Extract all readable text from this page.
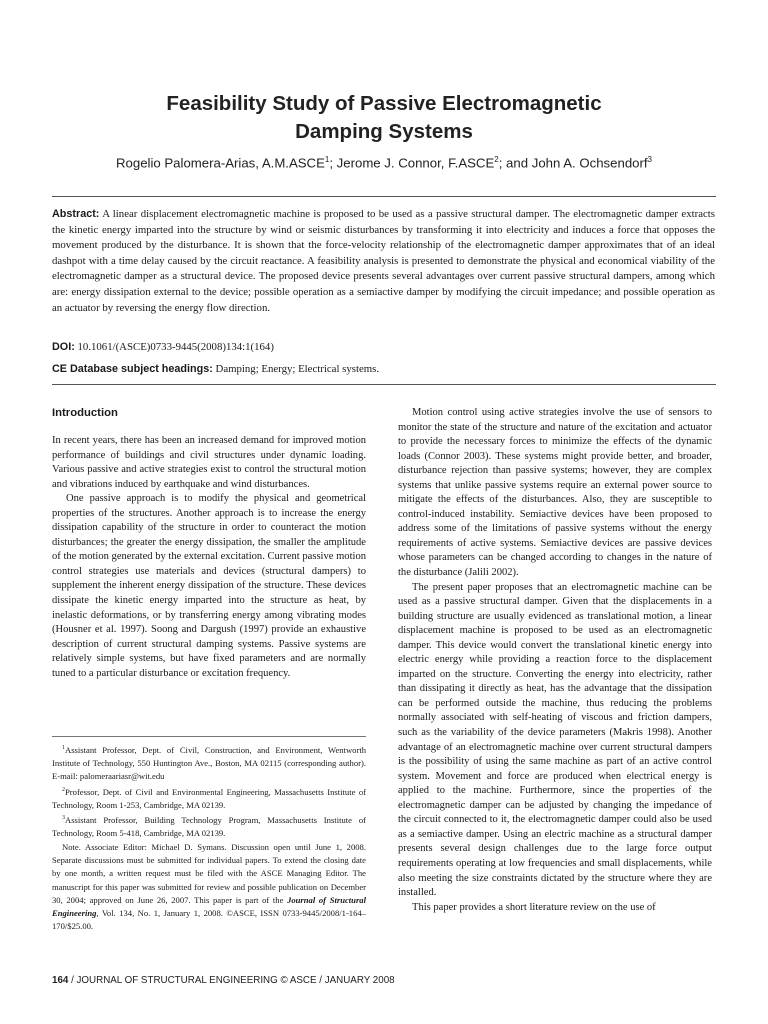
Feasibility Study of Passive Electromagnetic
Damping Systems
Rogelio Palomera-Arias, A.M.ASCE$^1$; Jerome J. Connor, F.ASCE$^2$; and John A. Ochsendorf$^3$

Abstract: A linear displacement electromagnetic machine is proposed to be used as a passive structural damper. The electromagnetic damper extracts the kinetic energy imparted into the structure by wind or seismic disturbances by transforming it into electricity and induces a force that opposes the movement produced by the disturbance. It is shown that the force-velocity relationship of the electromagnetic damper approximates that of an ideal dashpot with a time delay caused by the circuit reactance. A feasibility analysis is presented to demonstrate the physical and economical viability of the electromagnetic damper as a structural device. The proposed device presents several advantages over current passive structural dampers, among which are: energy dissipation external to the device; possible operation as a semiactive damper by modifying the circuit impedance; and possible operation as an actuator by reversing the energy flow direction.

DOI: 10.1061/(ASCE)0733-9445(2008)134:1(164)

CE Database subject headings: Damping; Energy; Electrical systems.

Introduction

In recent years, there has been an increased demand for improved motion performance of buildings and civil structures under dynamic loading. Various passive and active strategies exist to control the structural motion and vibrations induced by earthquake and wind disturbances.

One passive approach is to modify the physical and geometrical properties of the structures. Another approach is to increase the energy dissipation capability of the structure in order to counteract the motion disturbances; the greater the energy dissipation, the smaller the amplitude of the motion generated by the external excitation. Current passive motion control strategies use materials and devices (structural dampers) to supplement the inherent energy dissipation of the structure. These devices dissipate the kinetic energy imparted into the structure as heat, by inelastic deformations, or by transferring energy among vibrating modes (Housner et al. 1997). Soong and Dargush (1997) provide an exhaustive description of current structural damping systems. Passive systems are relatively simple systems, but have fixed parameters and are normally tuned to a particular disturbance or excitation frequency.

Motion control using active strategies involve the use of sensors to monitor the state of the structure and nature of the excitation and actuator to provide the necessary forces to minimize the effects of the dynamic loads (Connor 2003). These systems might provide better, and broader, disturbance rejection than passive systems; however, they are complex systems that unlike passive systems require an external power source to mitigate the effects of the disturbances. Also, they are susceptible to control-induced instability. Semiactive devices have been proposed to address some of the limitations of passive systems without the energy requirements of active systems. Semiactive devices are passive devices whose parameters can be changed according to changes in the nature of the disturbance (Jalili 2002).

The present paper proposes that an electromagnetic machine can be used as a passive structural damper. Given that the displacements in a building structure are usually evidenced as translational motion, a linear displacement machine is proposed to be used as an electromagnetic damper. This device would convert the translational kinetic energy into electric energy while providing a reaction force to the displacement imparted on the structure. Converting the energy into electricity, rather than dissipating it directly as heat, has the advantage that the dissipation can be performed outside the machine, thus reducing the problems normally associated with self-heating of viscous and friction dampers, such as the variability of the device parameters (Makris 1998). Another advantage of an electromagnetic machine over current structural dampers is the possibility of using the same machine as part of an active control system. Movement and force are produced when electrical energy is applied to the machine. Furthermore, since the properties of the electromagnetic damper can be adjusted by changing the impedance of the circuit connected to it, the electromagnetic damper could also be used as a semiactive damper. Using an electric machine as a structural damper presents several design challenges due to the large force output requirements operating at low frequencies and small displacements, while also meeting the size constraints dictated by the structure where they are installed.

This paper provides a short literature review on the use of

$^1$Assistant Professor, Dept. of Civil, Construction, and Environment, Wentworth Institute of Technology, 550 Huntington Ave., Boston, MA 02115 (corresponding author). E-mail: palomeraariasr@wit.edu

$^2$Professor, Dept. of Civil and Environmental Engineering, Massachusetts Institute of Technology, Room 1-253, Cambridge, MA 02139.

$^3$Assistant Professor, Building Technology Program, Massachusetts Institute of Technology, Room 5-418, Cambridge, MA 02139.

Note. Associate Editor: Michael D. Symans. Discussion open until June 1, 2008. Separate discussions must be submitted for individual papers. To extend the closing date by one month, a written request must be filed with the ASCE Managing Editor. The manuscript for this paper was submitted for review and possible publication on December 30, 2004; approved on June 26, 2007. This paper is part of the Journal of Structural Engineering, Vol. 134, No. 1, January 1, 2008. ©ASCE, ISSN 0733-9445/2008/1-164–170/$25.00.

164 / JOURNAL OF STRUCTURAL ENGINEERING © ASCE / JANUARY 2008
